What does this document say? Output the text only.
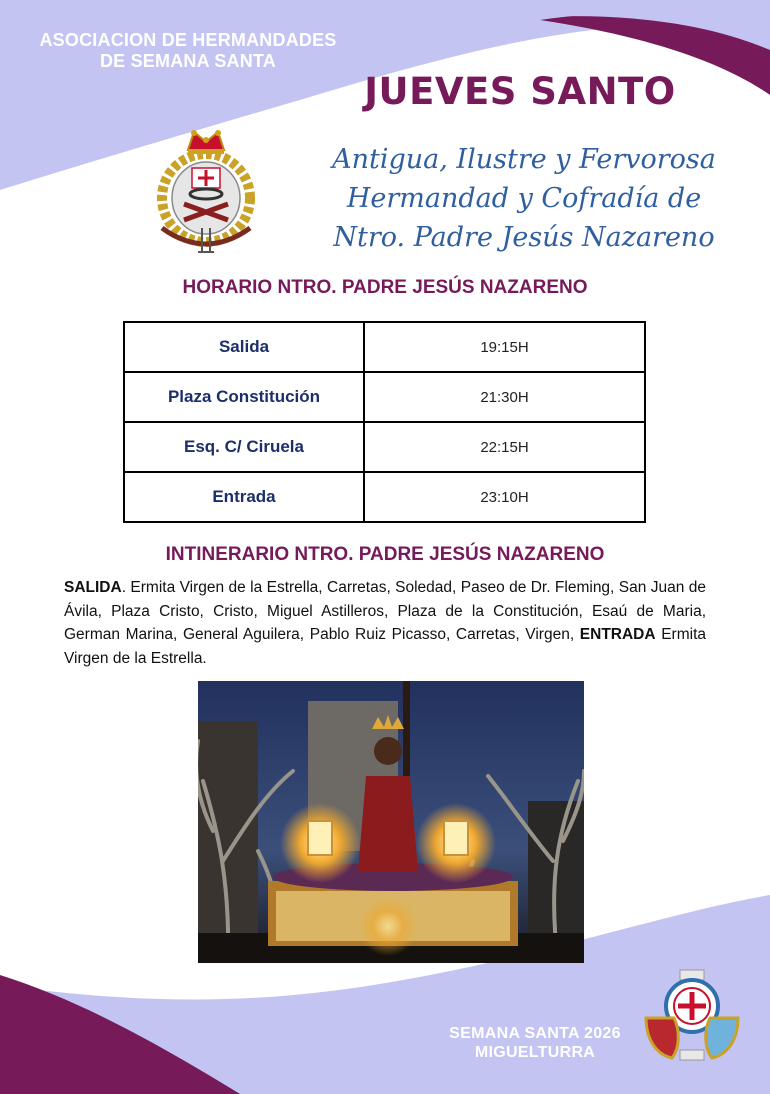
ASOCIACION DE HERMANDADES
DE SEMANA SANTA
JUEVES SANTO
Antigua, Ilustre y Fervorosa
Hermandad y Cofradía de
Ntro. Padre Jesús Nazareno
HORARIO NTRO. PADRE JESÚS NAZARENO
Salida	19:15H
Plaza Constitución	21:30H
Esq. C/ Ciruela	22:15H
Entrada	23:10H
INTINERARIO NTRO. PADRE JESÚS NAZARENO
SALIDA. Ermita Virgen de la Estrella, Carretas, Soledad, Paseo de Dr. Fleming, San Juan de Ávila, Plaza Cristo, Cristo, Miguel Astilleros, Plaza de la Constitución, Esaú de Maria, German Marina, General Aguilera, Pablo Ruiz Picasso, Carretas, Virgen, ENTRADA Ermita Virgen de la Estrella.
SEMANA SANTA 2026
MIGUELTURRA
